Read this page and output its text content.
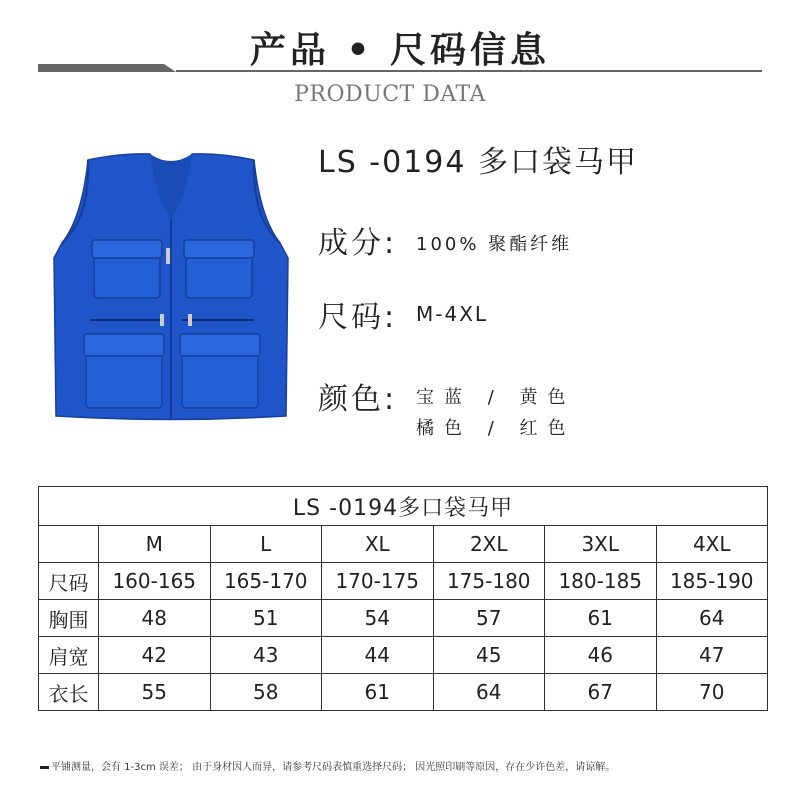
产品 • 尺码信息
PRODUCT DATA
LS -0194 多口袋马甲
成分: 100% 聚酯纤维
尺码: M-4XL
颜色: 宝蓝 / 黄色
橘色 / 红色
LS -0194多口袋马甲						
	M	L	XL	2XL	3XL	4XL
尺码	160-165	165-170	170-175	175-180	180-185	185-190
胸围	48	51	54	57	61	64
肩宽	42	43	44	45	46	47
衣长	55	58	61	64	67	70
平铺测量，会有 1-3cm 误差； 由于身材因人而异，请参考尺码表慎重选择尺码； 因光照印刷等原因，存在少许色差，请谅解。
